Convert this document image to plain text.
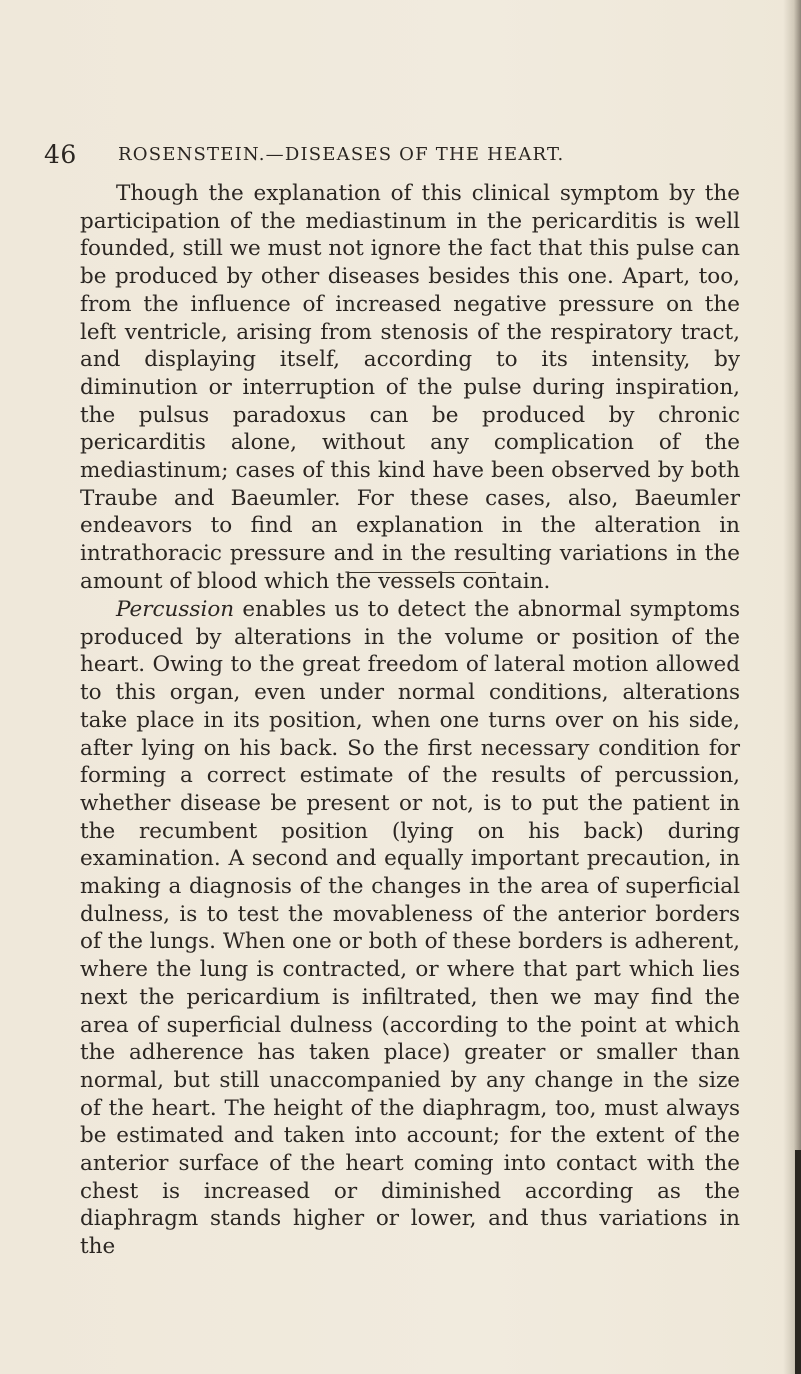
46 ROSENSTEIN.—DISEASES OF THE HEART.

Though the explanation of this clinical symptom by the participation of the mediastinum in the pericarditis is well founded, still we must not ignore the fact that this pulse can be produced by other diseases besides this one. Apart, too, from the influence of increased negative pressure on the left ventricle, arising from stenosis of the respiratory tract, and displaying itself, according to its intensity, by diminution or interruption of the pulse during inspiration, the pulsus paradoxus can be produced by chronic pericarditis alone, without any complication of the mediastinum; cases of this kind have been observed by both Traube and Baeumler. For these cases, also, Baeumler endeavors to find an explanation in the alteration in intrathoracic pressure and in the resulting variations in the amount of blood which the vessels contain.

Percussion enables us to detect the abnormal symptoms produced by alterations in the volume or position of the heart. Owing to the great freedom of lateral motion allowed to this organ, even under normal conditions, alterations take place in its position, when one turns over on his side, after lying on his back. So the first necessary condition for forming a correct estimate of the results of percussion, whether disease be present or not, is to put the patient in the recumbent position (lying on his back) during examination. A second and equally important precaution, in making a diagnosis of the changes in the area of superficial dulness, is to test the movableness of the anterior borders of the lungs. When one or both of these borders is adherent, where the lung is contracted, or where that part which lies next the pericardium is infiltrated, then we may find the area of superficial dulness (according to the point at which the adherence has taken place) greater or smaller than normal, but still unaccompanied by any change in the size of the heart. The height of the diaphragm, too, must always be estimated and taken into account; for the extent of the anterior surface of the heart coming into contact with the chest is increased or diminished according as the diaphragm stands higher or lower, and thus variations in the
